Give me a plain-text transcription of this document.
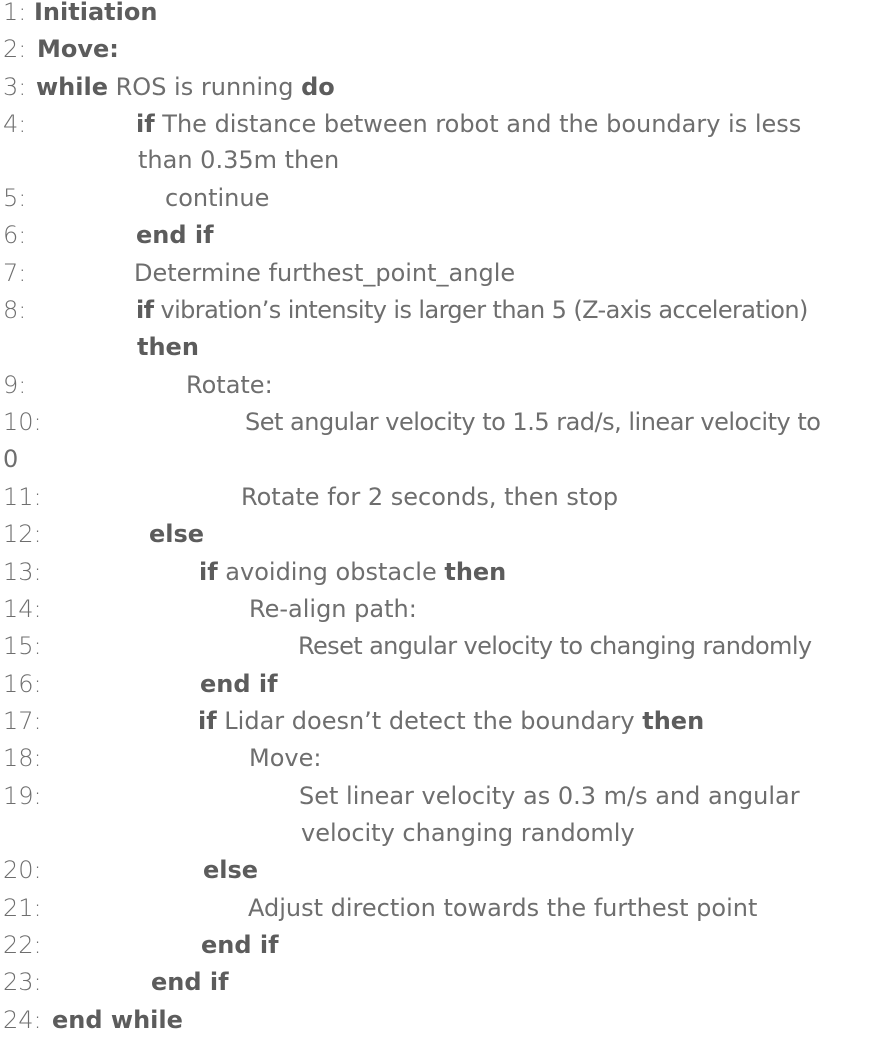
1: Initiation
2: Move:
3: while ROS is running do
4:	if The distance between robot and the boundary is less
than 0.35m then
5:	continue
6:	end if
7:	Determine furthest_point_angle
8:	if vibration’s intensity is larger than 5 (Z-axis acceleration)
then
9:	Rotate:
10:	Set angular velocity to 1.5 rad/s, linear velocity to
0
11:	Rotate for 2 seconds, then stop
12:	else
13:	if avoiding obstacle then
14:	Re-align path:
15:	Reset angular velocity to changing randomly
16:	end if
17:	if Lidar doesn’t detect the boundary then
18:	Move:
19:	Set linear velocity as 0.3 m/s and angular
velocity changing randomly
20:	else
21:	Adjust direction towards the furthest point
22:	end if
23:	end if
24: end while
